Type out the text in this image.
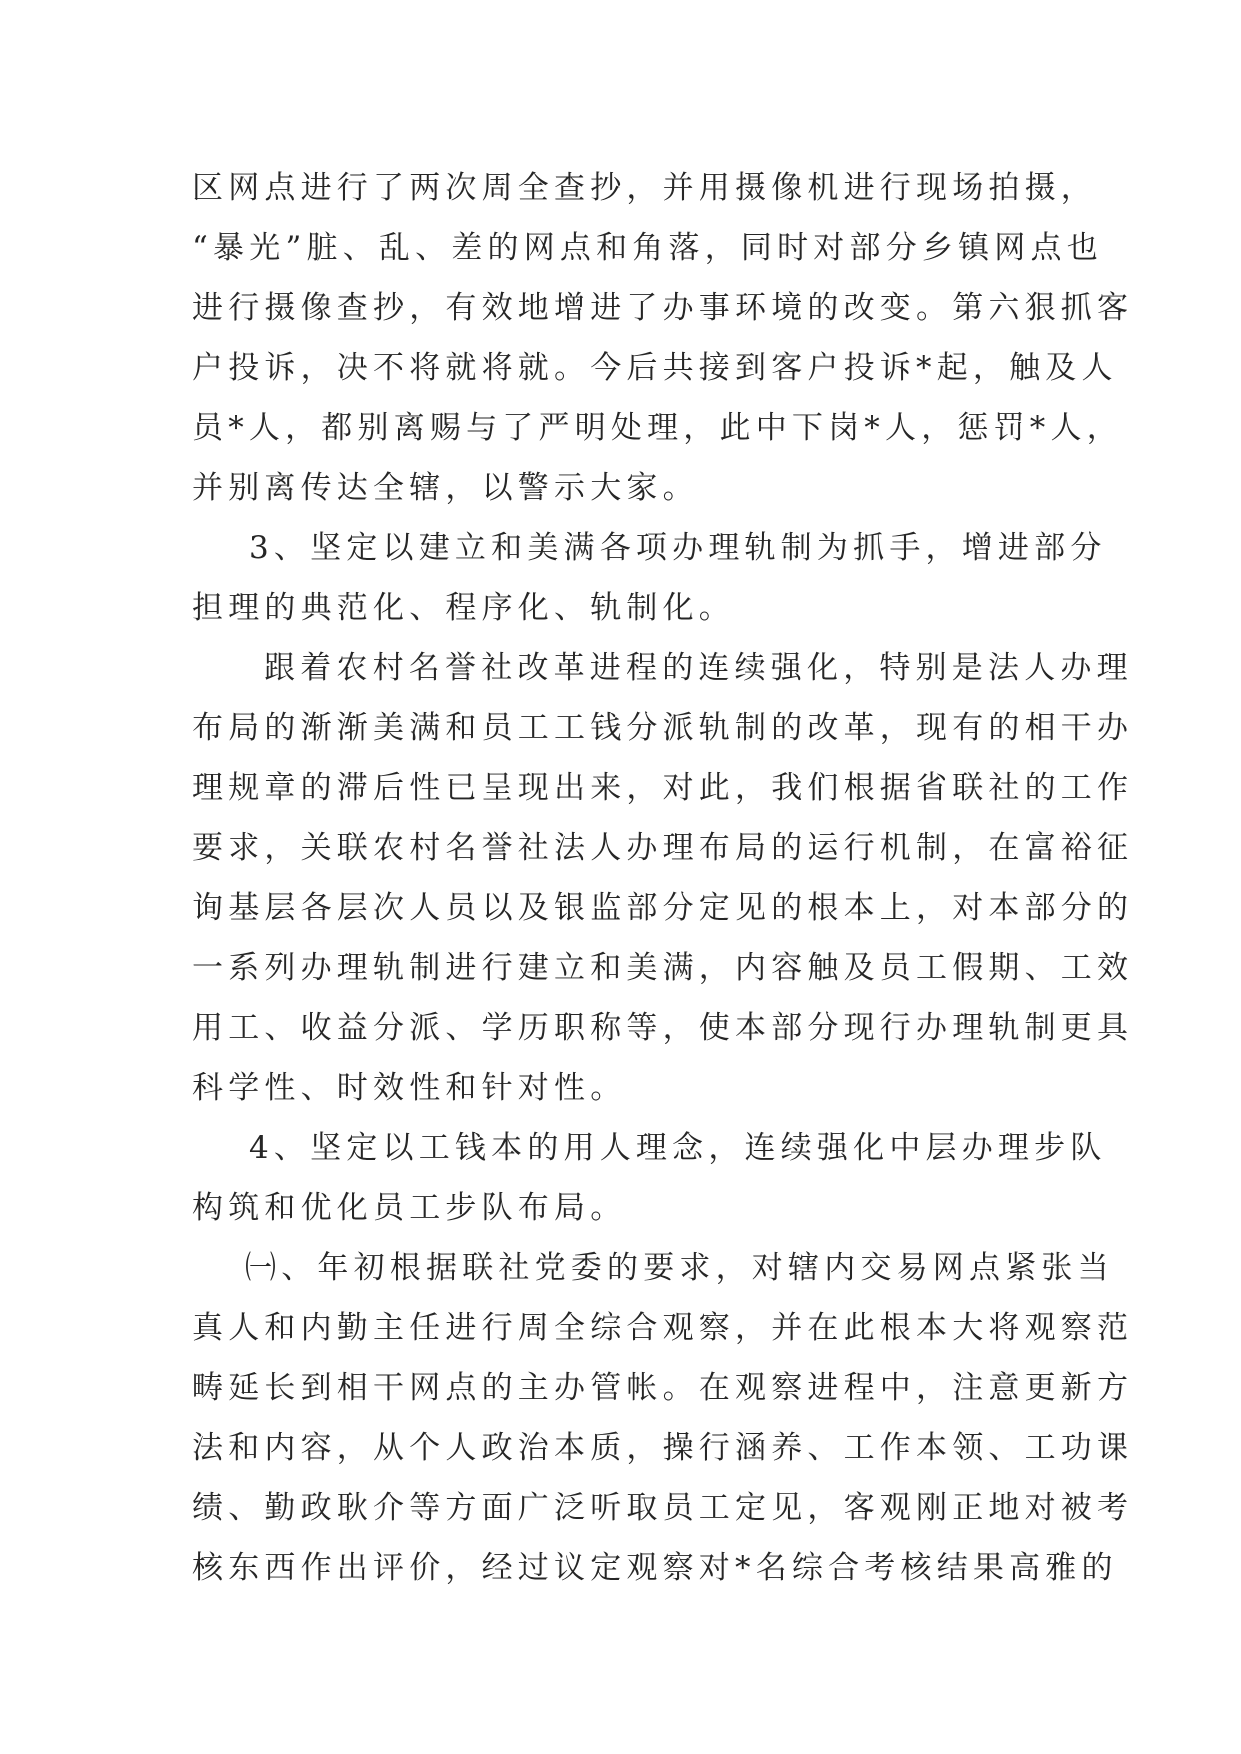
区网点进行了两次周全查抄，并用摄像机进行现场拍摄，
“暴光”脏、乱、差的网点和角落，同时对部分乡镇网点也
进行摄像查抄，有效地增进了办事环境的改变。第六狠抓客
户投诉，决不将就将就。今后共接到客户投诉*起，触及人
员*人，都别离赐与了严明处理，此中下岗*人，惩罚*人，
并别离传达全辖，以警示大家。
3、坚定以建立和美满各项办理轨制为抓手，增进部分
担理的典范化、程序化、轨制化。
跟着农村名誉社改革进程的连续强化，特别是法人办理
布局的渐渐美满和员工工钱分派轨制的改革，现有的相干办
理规章的滞后性已呈现出来，对此，我们根据省联社的工作
要求，关联农村名誉社法人办理布局的运行机制，在富裕征
询基层各层次人员以及银监部分定见的根本上，对本部分的
一系列办理轨制进行建立和美满，内容触及员工假期、工效
用工、收益分派、学历职称等，使本部分现行办理轨制更具
科学性、时效性和针对性。
4、坚定以工钱本的用人理念，连续强化中层办理步队
构筑和优化员工步队布局。
㈠、年初根据联社党委的要求，对辖内交易网点紧张当
真人和内勤主任进行周全综合观察，并在此根本大将观察范
畴延长到相干网点的主办管帐。在观察进程中，注意更新方
法和内容，从个人政治本质，操行涵养、工作本领、工功课
绩、勤政耿介等方面广泛听取员工定见，客观刚正地对被考
核东西作出评价，经过议定观察对*名综合考核结果高雅的
